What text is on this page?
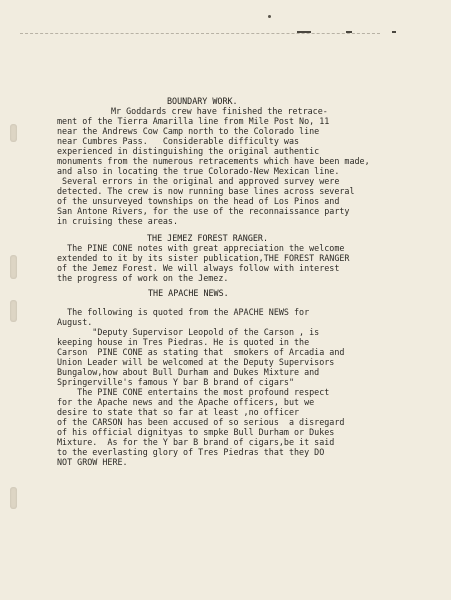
BOUNDARY WORK.

Mr Goddards crew have finished the retrace-

ment of the Tierra Amarilla line from Mile Post No, 11

near the Andrews Cow Camp north to the Colorado line

near Cumbres Pass.   Considerable difficulty was

experienced in distinguishing the original authentic

monuments from the numerous retracements which have been made,

and also in locating the true Colorado-New Mexican line.

Several errors in the original and approved survey were

detected. The crew is now running base lines across several

of the unsurveyed townships on the head of Los Pinos and

San Antone Rivers, for the use of the reconnaissance party

in cruising these areas.

THE JEMEZ FOREST RANGER.

The PINE CONE notes with great appreciation the welcome

extended to it by its sister publication,THE FOREST RANGER

of the Jemez Forest. We will always follow with interest

the progress of work on the Jemez.

THE APACHE NEWS.

The following is quoted from the APACHE NEWS for

August.

"Deputy Supervisor Leopold of the Carson , is

keeping house in Tres Piedras. He is quoted in the

Carson  PINE CONE as stating that  smokers of Arcadia and

Union Leader will be welcomed at the Deputy Supervisors

Bungalow,how about Bull Durham and Dukes Mixture and

Springerville's famous Y bar B brand of cigars"

The PINE CONE entertains the most profound respect

for the Apache news and the Apache officers, but we

desire to state that so far at least ,no officer

of the CARSON has been accused of so serious  a disregard

of his official dignityas to smpke Bull Durham or Dukes

Mixture.  As for the Y bar B brand of cigars,be it said

to the everlasting glory of Tres Piedras that they DO

NOT GROW HERE.
